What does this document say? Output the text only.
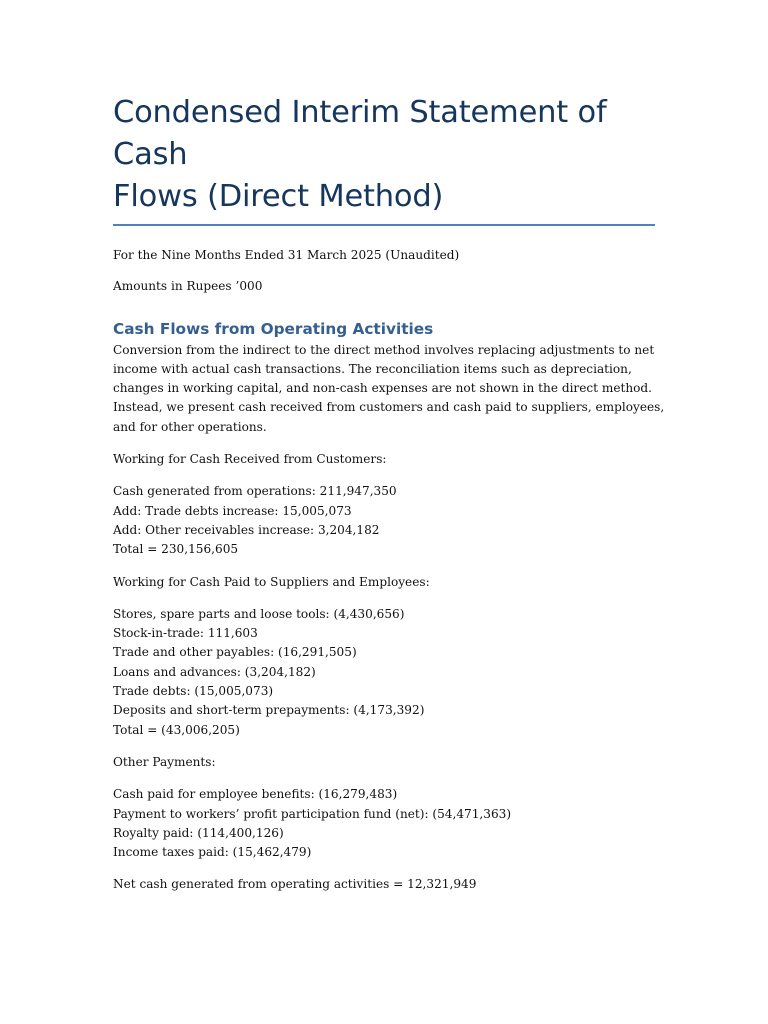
Condensed Interim Statement of Cash
Flows (Direct Method)

For the Nine Months Ended 31 March 2025 (Unaudited)

Amounts in Rupees ’000

Cash Flows from Operating Activities
Conversion from the indirect to the direct method involves replacing adjustments to net
income with actual cash transactions. The reconciliation items such as depreciation,
changes in working capital, and non-cash expenses are not shown in the direct method.
Instead, we present cash received from customers and cash paid to suppliers, employees,
and for other operations.

Working for Cash Received from Customers:

Cash generated from operations: 211,947,350
Add: Trade debts increase: 15,005,073
Add: Other receivables increase: 3,204,182
Total = 230,156,605

Working for Cash Paid to Suppliers and Employees:

Stores, spare parts and loose tools: (4,430,656)
Stock-in-trade: 111,603
Trade and other payables: (16,291,505)
Loans and advances: (3,204,182)
Trade debts: (15,005,073)
Deposits and short-term prepayments: (4,173,392)
Total = (43,006,205)

Other Payments:

Cash paid for employee benefits: (16,279,483)
Payment to workers’ profit participation fund (net): (54,471,363)
Royalty paid: (114,400,126)
Income taxes paid: (15,462,479)

Net cash generated from operating activities = 12,321,949
